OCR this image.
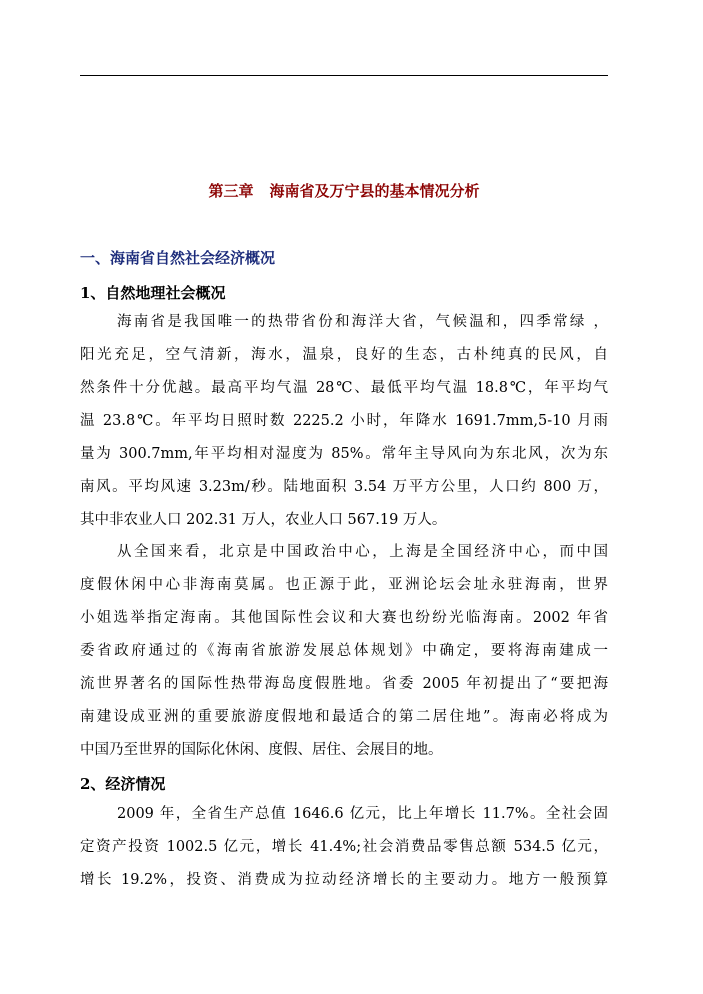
第三章 海南省及万宁县的基本情况分析
一、海南省自然社会经济概况
1、自然地理社会概况
海南省是我国唯一的热带省份和海洋大省，气候温和，四季常绿 ，
阳光充足，空气清新，海水，温泉，良好的生态，古朴纯真的民风，自
然条件十分优越。最高平均气温 28℃、最低平均气温 18.8℃，年平均气
温 23.8℃。年平均日照时数 2225.2 小时，年降水 1691.7mm,5-10 月雨
量为 300.7mm,年平均相对湿度为 85%。常年主导风向为东北风，次为东
南风。平均风速 3.23m/秒。陆地面积 3.54 万平方公里，人口约 800 万，
其中非农业人口 202.31 万人，农业人口 567.19 万人。
从全国来看，北京是中国政治中心，上海是全国经济中心，而中国
度假休闲中心非海南莫属。也正源于此，亚洲论坛会址永驻海南，世界
小姐选举指定海南。其他国际性会议和大赛也纷纷光临海南。2002 年省
委省政府通过的《海南省旅游发展总体规划》中确定，要将海南建成一
流世界著名的国际性热带海岛度假胜地。省委 2005 年初提出了“要把海
南建设成亚洲的重要旅游度假地和最适合的第二居住地”。海南必将成为
中国乃至世界的国际化休闲、度假、居住、会展目的地。
2、经济情况
2009 年，全省生产总值 1646.6 亿元，比上年增长 11.7%。全社会固
定资产投资 1002.5 亿元，增长 41.4%;社会消费品零售总额 534.5 亿元，
增长 19.2%，投资、消费成为拉动经济增长的主要动力。地方一般预算
